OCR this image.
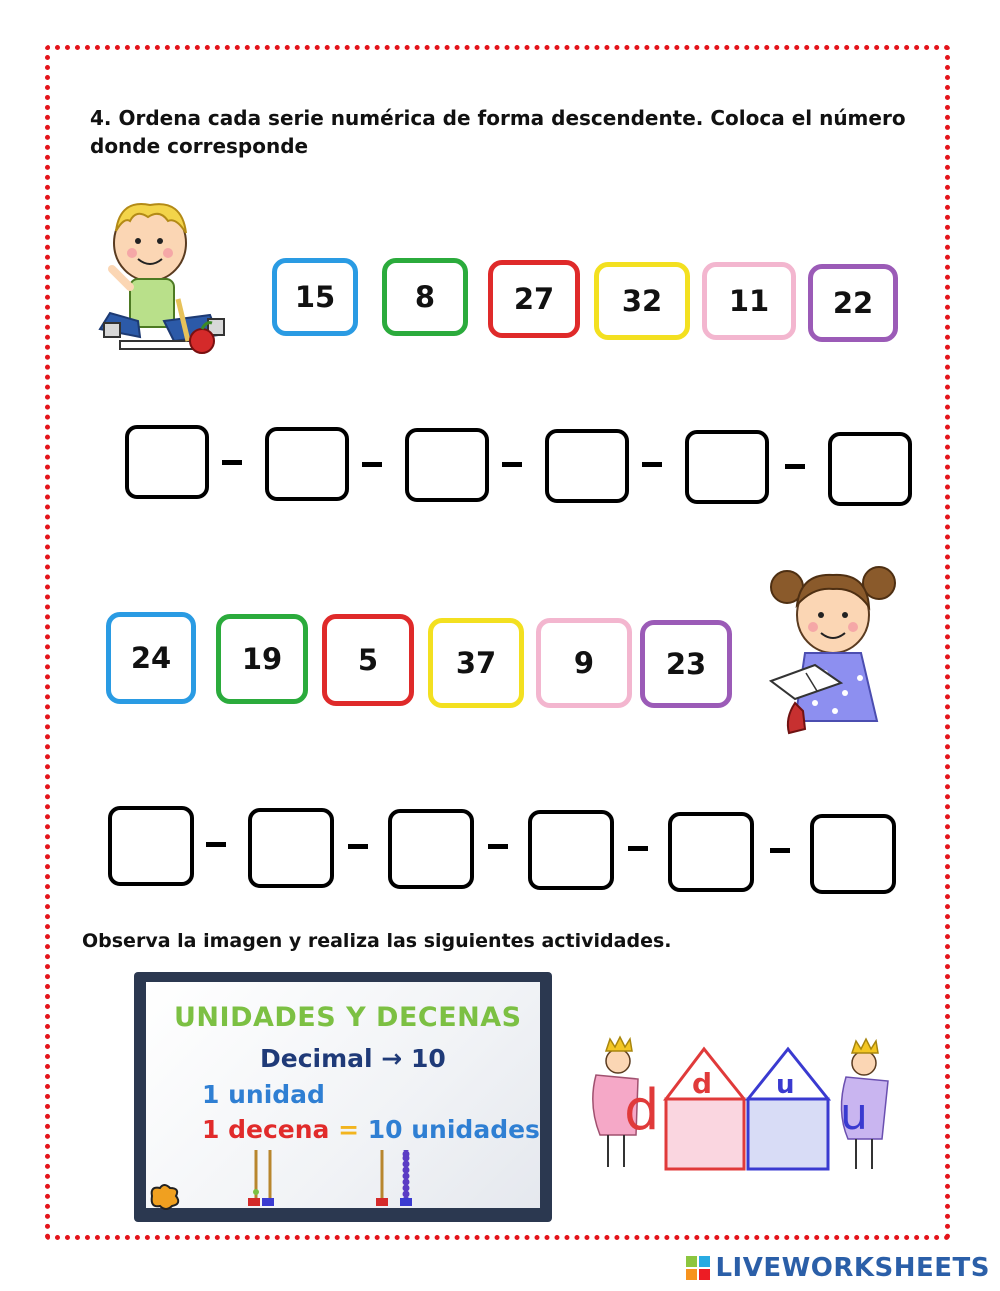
4. Ordena cada serie numérica de forma descendente. Coloca el número donde corresponde
15	8	27	32	11	22
24	19	5	37	9	23
Observa la imagen y realiza las siguientes actividades.
UNIDADES Y DECENAS
Decimal → 10
1 unidad
1 decena = 10 unidades d d u
u
LIVEWORKSHEETS
